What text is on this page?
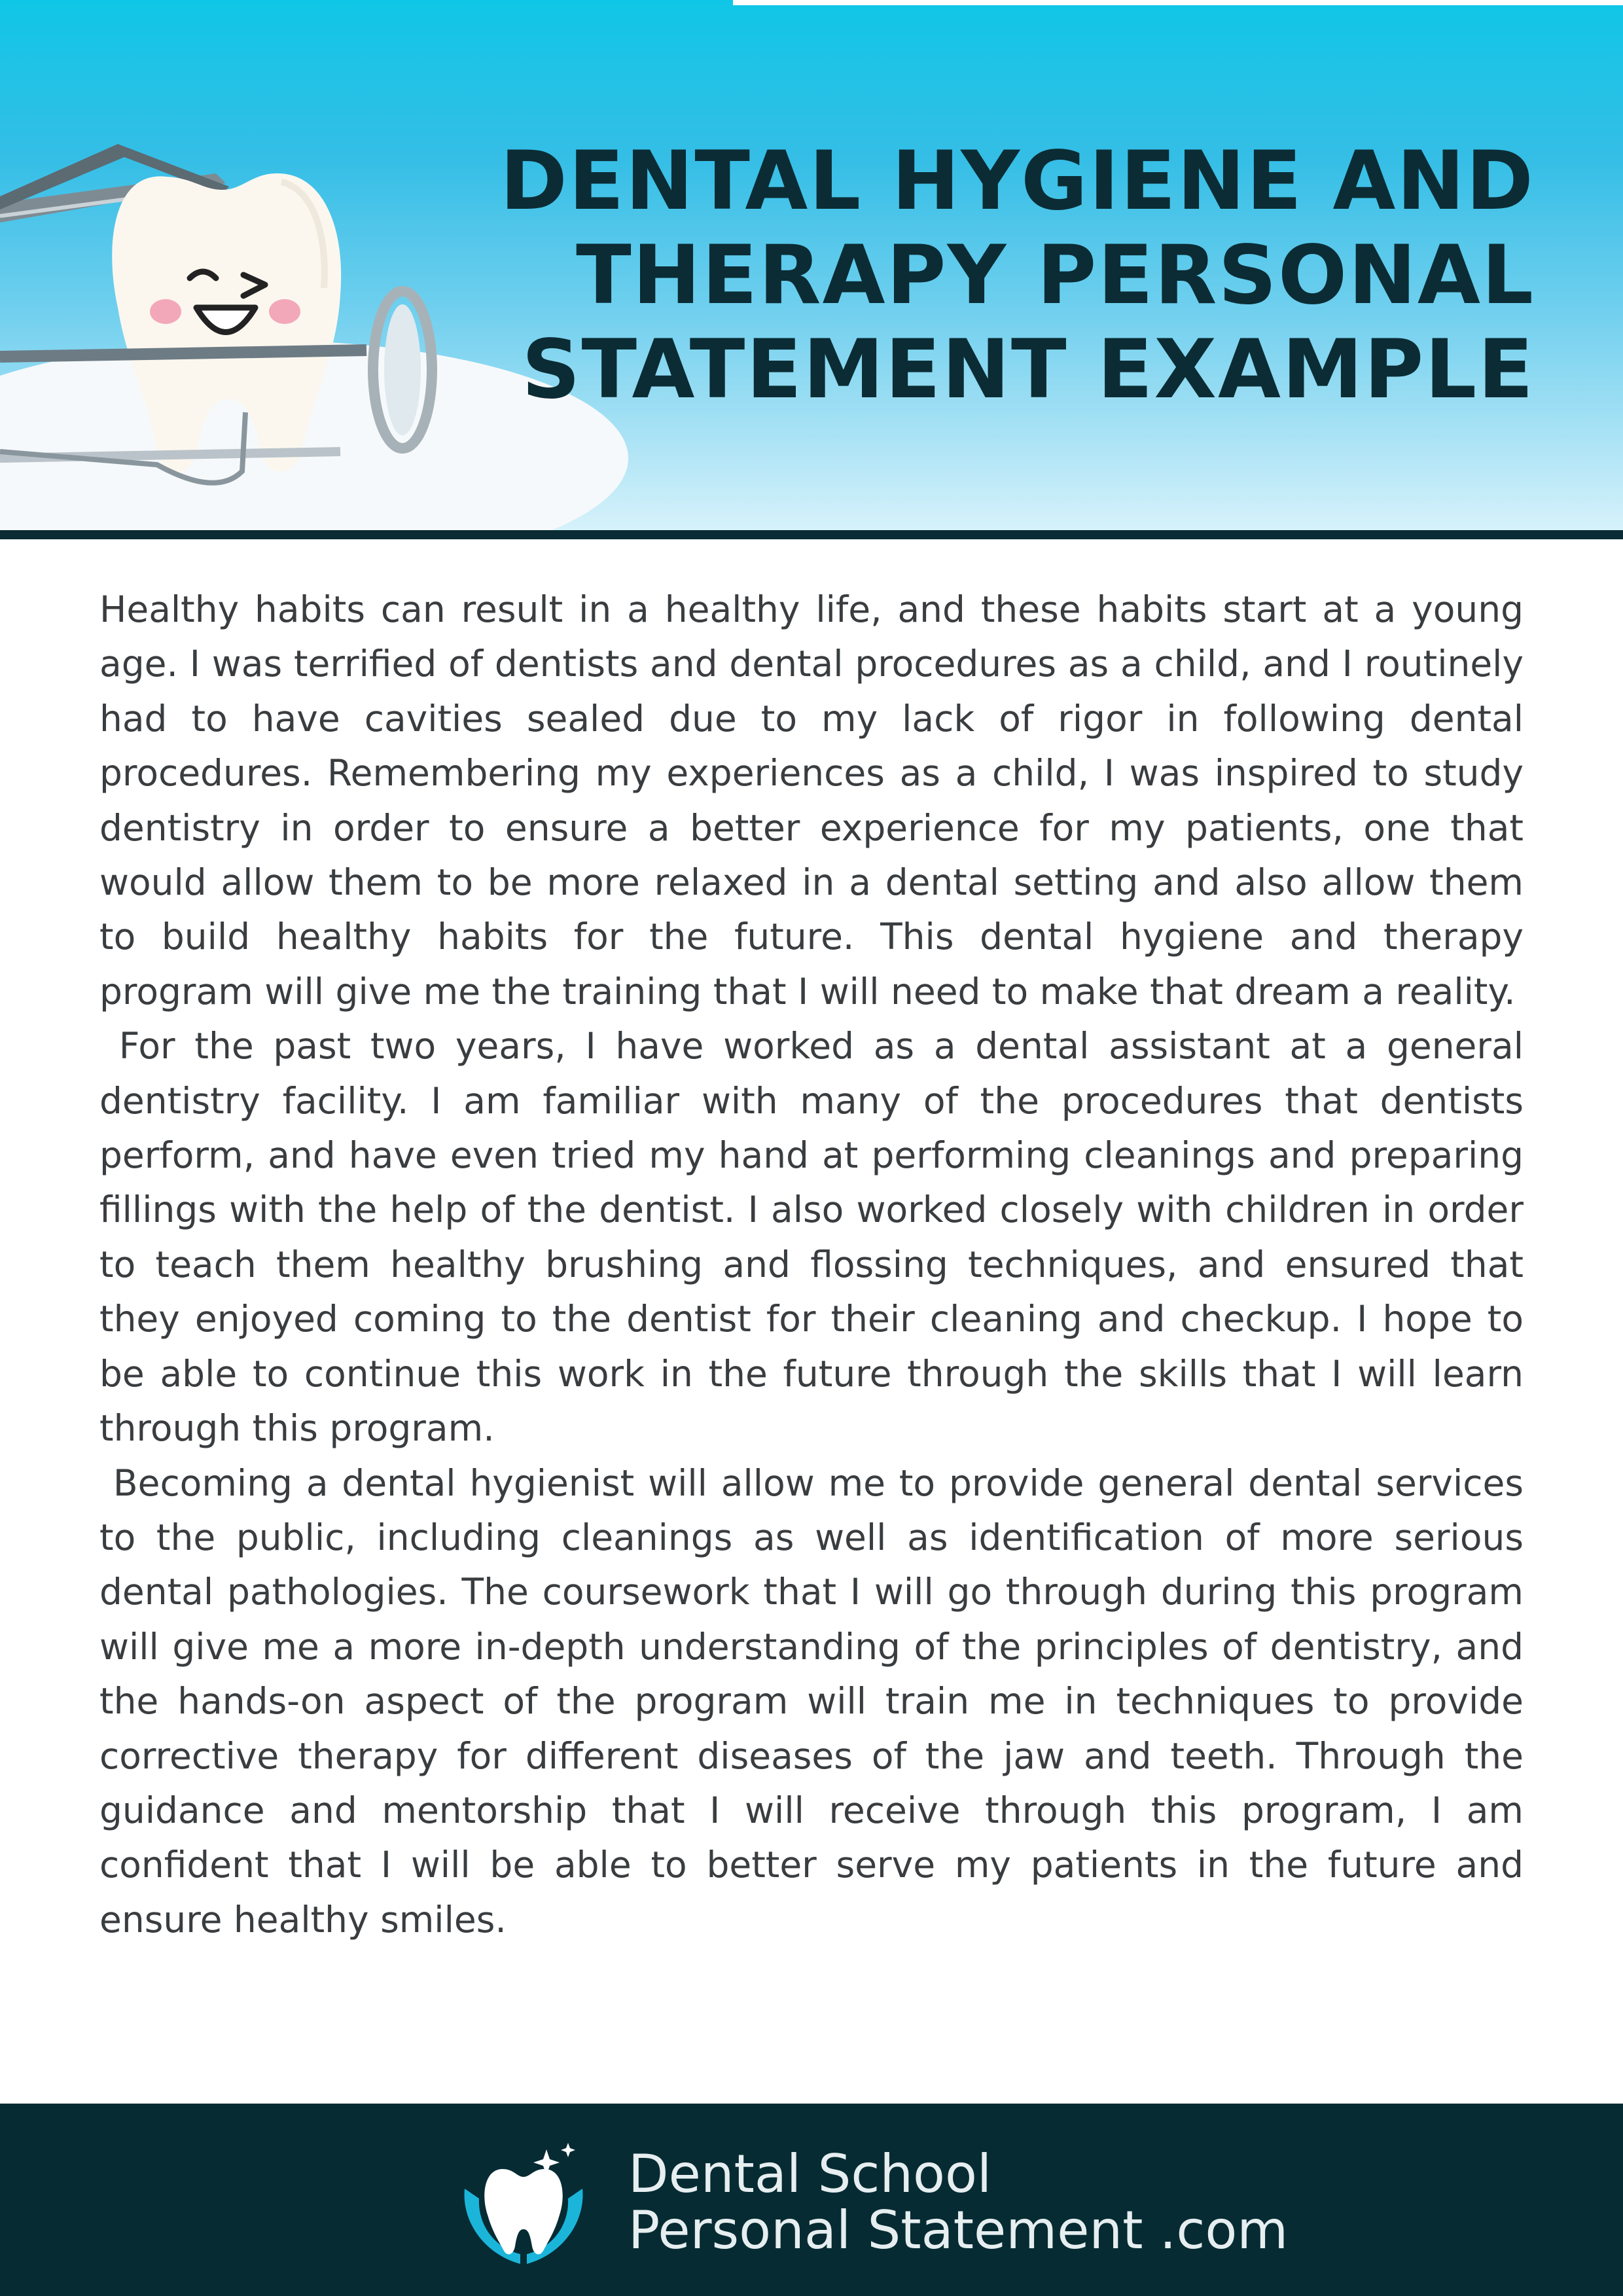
DENTAL HYGIENE AND
THERAPY PERSONAL
STATEMENT EXAMPLE

Healthy habits can result in a healthy life, and these habits start at a young age. I was terrified of dentists and dental procedures as a child, and I routinely had to have cavities sealed due to my lack of rigor in following dental procedures. Remembering my experiences as a child, I was inspired to study dentistry in order to ensure a better experience for my patients, one that would allow them to be more relaxed in a dental setting and also allow them to build healthy habits for the future. This dental hygiene and therapy program will give me the training that I will need to make that dream a reality.

For the past two years, I have worked as a dental assistant at a general dentistry facility. I am familiar with many of the procedures that dentists perform, and have even tried my hand at performing cleanings and preparing fillings with the help of the dentist. I also worked closely with children in order to teach them healthy brushing and flossing techniques, and ensured that they enjoyed coming to the dentist for their cleaning and checkup. I hope to be able to continue this work in the future through the skills that I will learn through this program.

Becoming a dental hygienist will allow me to provide general dental services to the public, including cleanings as well as identification of more serious dental pathologies. The coursework that I will go through during this program will give me a more in-depth understanding of the principles of dentistry, and the hands-on aspect of the program will train me in techniques to provide corrective therapy for different diseases of the jaw and teeth. Through the guidance and mentorship that I will receive through this program, I am confident that I will be able to better serve my patients in the future and ensure healthy smiles.

Dental School
Personal Statement .com
